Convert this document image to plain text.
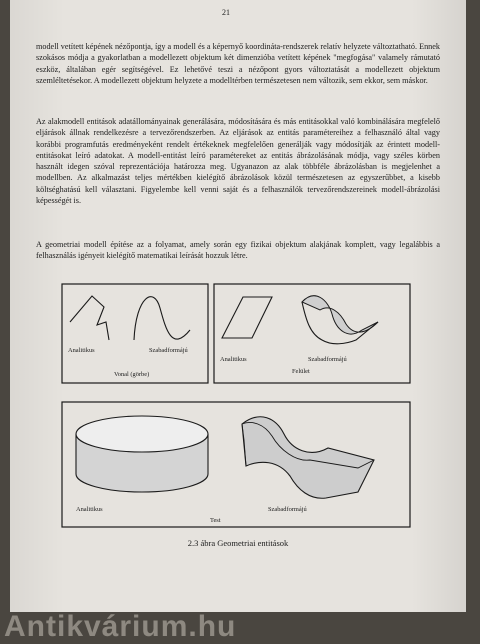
21

modell vetített képének nézőpontja, így a modell és a képernyő koordináta-rendszerek relatív helyzete változtatható. Ennek szokásos módja a gyakorlatban a modellezett objektum két dimenzióba vetített képének "megfogása" valamely rámutató eszköz, általában egér segítségével. Ez lehetővé teszi a nézőpont gyors változtatását a modellezett objektum szemléltetésekor. A modellezett objektum helyzete a modelltérben természetesen nem változik, sem ekkor, sem máskor.

Az alakmodell entitások adatállományainak generálására, módosítására és más entitásokkal való kombinálására megfelelő eljárások állnak rendelkezésre a tervezőrendszerben. Az eljárások az entitás paramétereihez a felhasználó által vagy korábbi programfutás eredményeként rendelt értékeknek megfelelően generálják vagy módosítják az érintett modell-entitásokat leíró adatokat. A modell-entitást leíró paramétereket az entitás ábrázolásának módja, vagy széles körben használt idegen szóval reprezentációja határozza meg. Ugyanazon az alak többféle ábrázolásban is megjelenhet a modellben. Az alkalmazást teljes mértékben kielégítő ábrázolások közül természetesen az egyszerűbbet, a kisebb költséghatású kell választani. Figyelembe kell venni saját és a felhasználók tervezőrendszereinek modell-ábrázolási képességét is.

A geometriai modell építése az a folyamat, amely során egy fizikai objektum alakjának komplett, vagy legalábbis a felhasználás igényeit kielégítő matematikai leírását hozzuk létre.

Analitikus	Szabadformájú
Vonal (görbe)
Analitikus	Szabadformájú
Felület
Analitikus	Szabadformájú
Test
2.3 ábra Geometriai entitások
Antikvárium.hu
